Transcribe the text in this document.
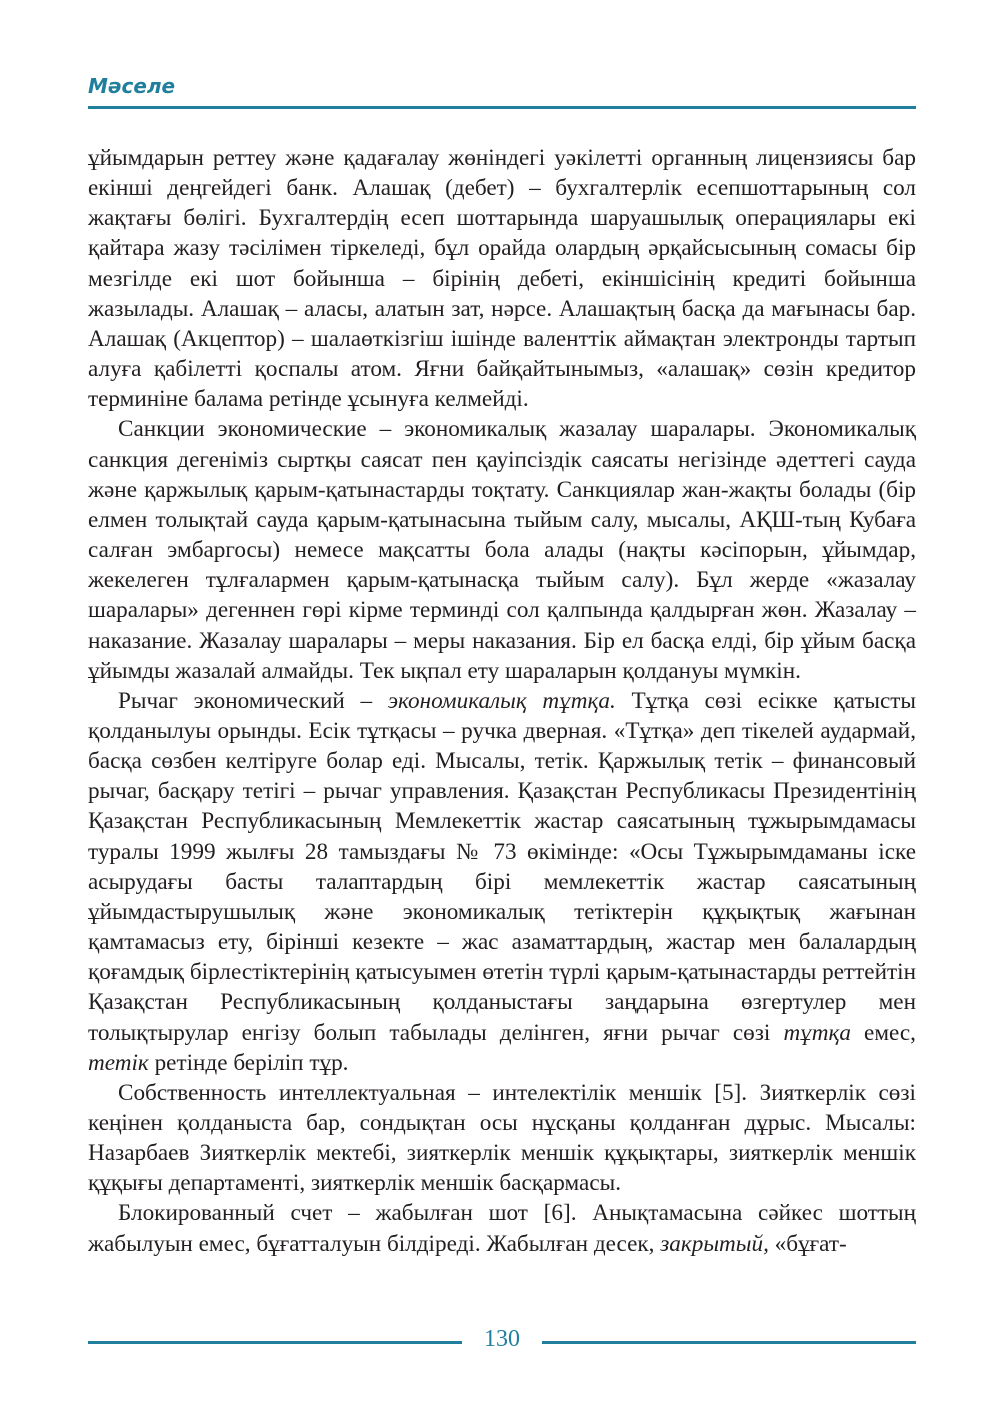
Мәселе

ұйымдарын реттеу және қадағалау жөніндегі уәкілетті органның лицензиясы бар екінші деңгейдегі банк. Алашақ (дебет) – бухгалтерлік есепшоттарының сол жақтағы бөлігі. Бухгалтердің есеп шоттарында шаруашылық операциялары екі қайтара жазу тәсілімен тіркеледі, бұл орайда олардың әрқайсысының сомасы бір мезгілде екі шот бойынша – бірінің дебеті, екіншісінің кредиті бойынша жазылады. Алашақ – аласы, алатын зат, нәрсе. Алашақтың басқа да мағынасы бар. Алашақ (Акцептор) – шалаөткізгіш ішінде валенттік аймақтан электронды тартып алуға қабілетті қоспалы атом. Яғни байқайтынымыз, «алашақ» сөзін кредитор терминіне балама ретінде ұсынуға келмейді.

Санкции экономические – экономикалық жазалау шаралары. Экономикалық санкция дегеніміз сыртқы саясат пен қауіпсіздік саясаты негізінде әдеттегі сауда және қаржылық қарым-қатынастарды тоқтату. Санкциялар жан-жақты болады (бір елмен толықтай сауда қарым-қатынасына тыйым салу, мысалы, АҚШ-тың Кубаға салған эмбаргосы) немесе мақсатты бола алады (нақты кәсіпорын, ұйымдар, жекелеген тұлғалармен қарым-қатынасқа тыйым салу). Бұл жерде «жазалау шаралары» дегеннен гөрі кірме терминді сол қалпында қалдырған жөн. Жазалау – наказание. Жазалау шаралары – меры наказания. Бір ел басқа елді, бір ұйым басқа ұйымды жазалай алмайды. Тек ықпал ету шараларын қолдануы мүмкін.

Рычаг экономический – экономикалық тұтқа. Тұтқа сөзі есікке қатысты қолданылуы орынды. Есік тұтқасы – ручка дверная. «Тұтқа» деп тікелей аудармай, басқа сөзбен келтіруге болар еді. Мысалы, тетік. Қаржылық тетік – финансовый рычаг, басқару тетігі – рычаг управления. Қазақстан Республикасы Президентінің Қазақстан Республикасының Мемлекеттік жастар саясатының тұжырымдамасы туралы 1999 жылғы 28 тамыздағы № 73 өкімінде: «Осы Тұжырымдаманы іске асырудағы басты талаптардың бірі мемлекеттік жастар саясатының ұйымдастырушылық және экономикалық тетіктерін құқықтық жағынан қамтамасыз ету, бірінші кезекте – жас азаматтардың, жастар мен балалардың қоғамдық бірлестіктерінің қатысуымен өтетін түрлі қарым-қатынастарды реттейтін Қазақстан Республикасының қолданыстағы заңдарына өзгертулер мен толықтырулар енгізу болып табылады делінген, яғни рычаг сөзі тұтқа емес, тетік ретінде беріліп тұр.

Собственность интеллектуальная – интелектілік меншік [5]. Зияткерлік сөзі кеңінен қолданыста бар, сондықтан осы нұсқаны қолданған дұрыс. Мысалы: Назарбаев Зияткерлік мектебі, зияткерлік меншік құқықтары, зияткерлік меншік құқығы департаменті, зияткерлік меншік басқармасы.

Блокированный счет – жабылған шот [6]. Анықтамасына сәйкес шоттың жабылуын емес, бұғатталуын білдіреді. Жабылған десек, закрытый, «бұғат-

130
